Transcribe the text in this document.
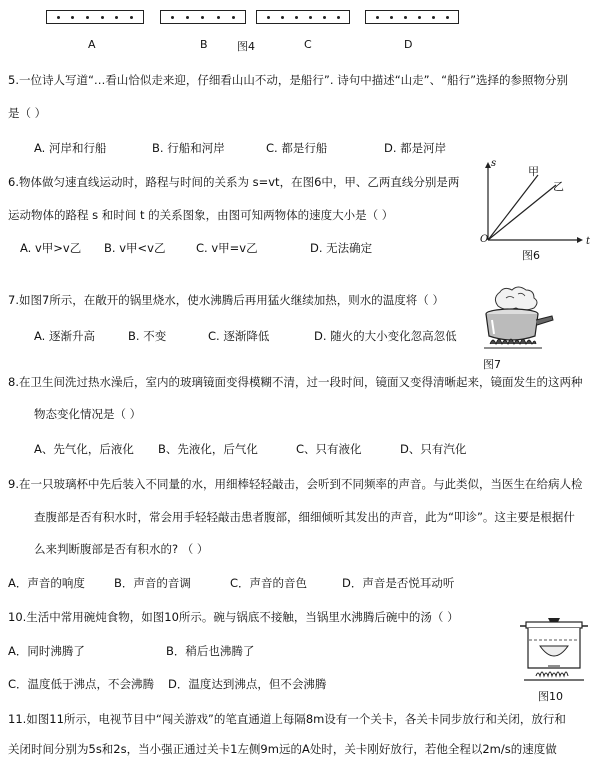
A	B	图4	C	D
5.一位诗人写道“…看山恰似走来迎，仔细看山山不动，是船行”. 诗句中描述“山走”、“船行”选择的参照物分别
是（ ）
A. 河岸和行船	B. 行船和河岸	C. 都是行船	D. 都是河岸
6.物体做匀速直线运动时，路程与时间的关系为 s=vt，在图6中，甲、乙两直线分别是两
运动物体的路程 s 和时间 t 的关系图象，由图可知两物体的速度大小是（ ）
A. v甲>v乙 B. v甲<v乙	C. v甲=v乙	D. 无法确定
s
甲
乙
O	t
图6
7.如图7所示，在敞开的锅里烧水，使水沸腾后再用猛火继续加热，则水的温度将（ ）
A. 逐渐升高	B. 不变	C. 逐渐降低	D. 随火的大小变化忽高忽低
图7
8.在卫生间洗过热水澡后，室内的玻璃镜面变得模糊不清，过一段时间，镜面又变得清晰起来，镜面发生的这两种
物态变化情况是（ ）
A、先气化，后液化 B、先液化，后气化	C、只有液化	D、只有汽化
9.在一只玻璃杯中先后装入不同量的水，用细棒轻轻敲击，会听到不同频率的声音。与此类似，当医生在给病人检
查腹部是否有积水时，常会用手轻轻敲击患者腹部，细细倾听其发出的声音，此为“叩诊”。这主要是根据什
么来判断腹部是否有积水的? （ ）
A．声音的响度	B．声音的音调	C．声音的音色	D．声音是否悦耳动听
10.生活中常用碗炖食物，如图10所示。碗与锅底不接触，当锅里水沸腾后碗中的汤（ ）
A．同时沸腾了	B．稍后也沸腾了
C．温度低于沸点，不会沸腾 D．温度达到沸点，但不会沸腾
图10
11.如图11所示，电视节目中“闯关游戏”的笔直通道上每隔8m设有一个关卡，各关卡同步放行和关闭，放行和
关闭时间分别为5s和2s，当小强正通过关卡1左侧9m远的A处时，关卡刚好放行，若他全程以2m/s的速度做
